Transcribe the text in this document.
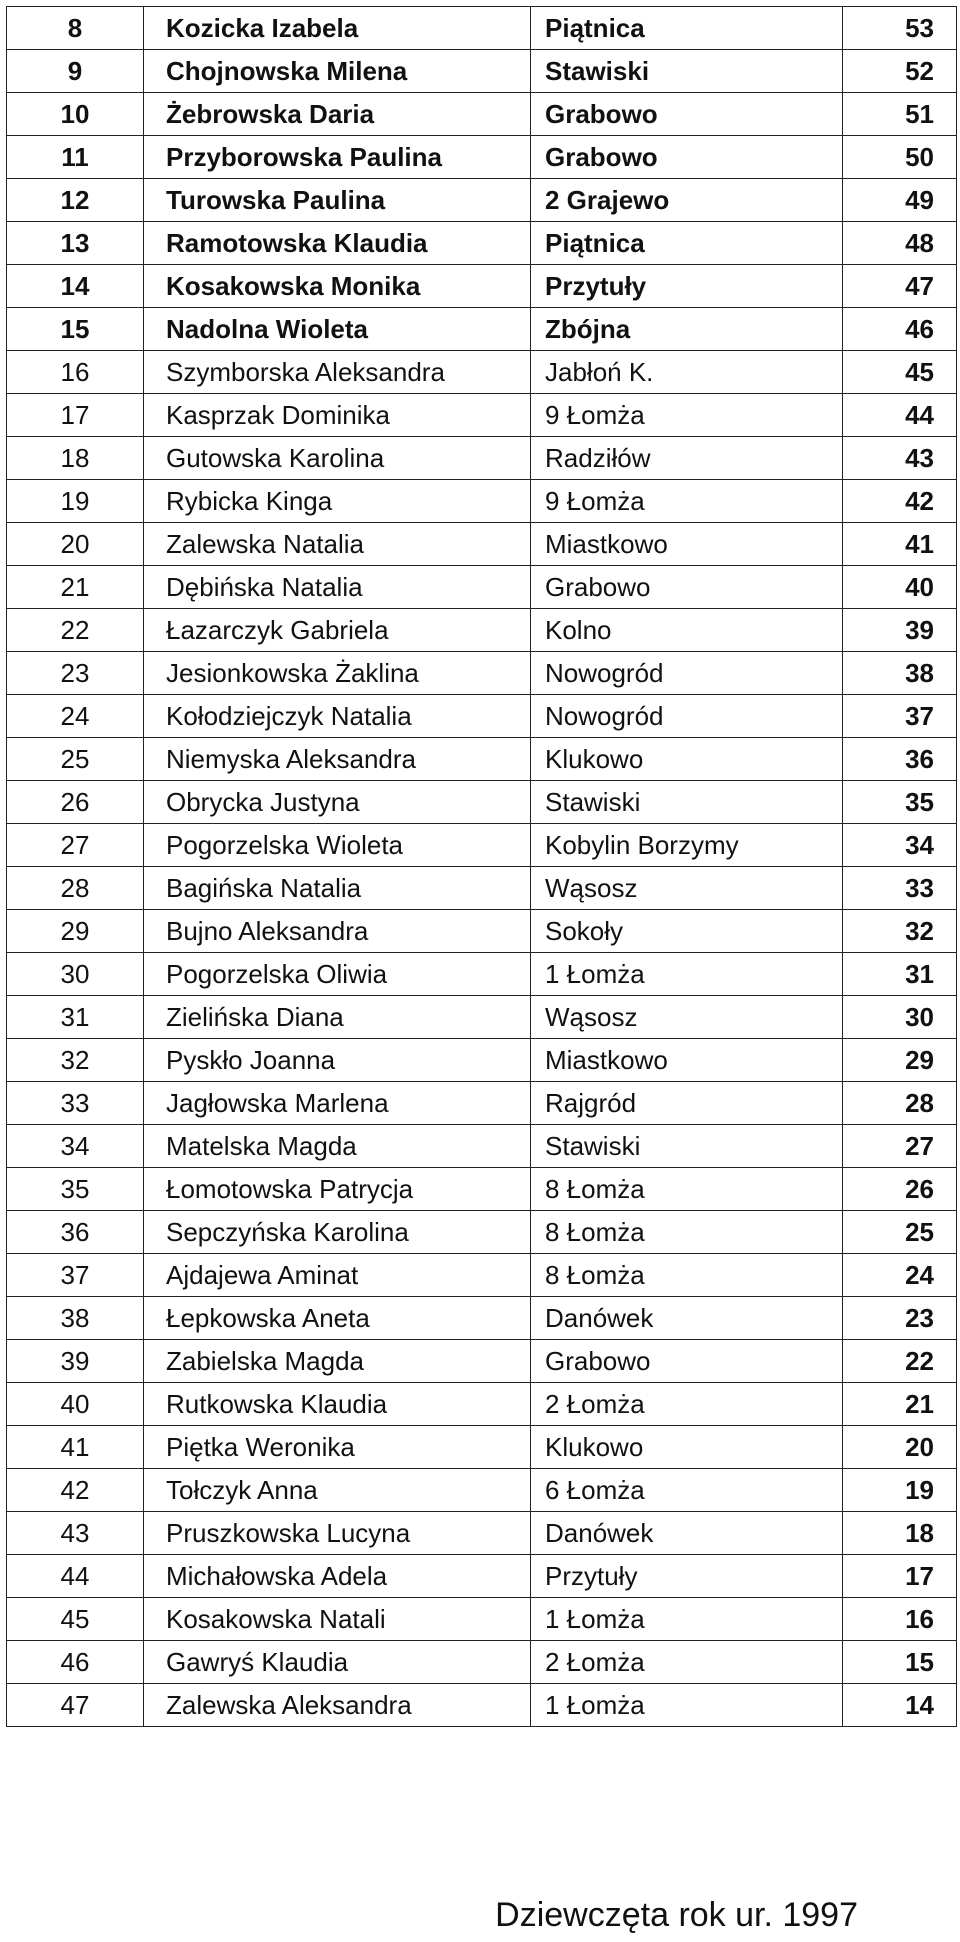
8	Kozicka Izabela	Piątnica	53
9	Chojnowska Milena	Stawiski	52
10	Żebrowska Daria	Grabowo	51
11	Przyborowska Paulina	Grabowo	50
12	Turowska Paulina	2 Grajewo	49
13	Ramotowska Klaudia	Piątnica	48
14	Kosakowska Monika	Przytuły	47
15	Nadolna Wioleta	Zbójna	46
16	Szymborska Aleksandra	Jabłoń K.	45
17	Kasprzak Dominika	9 Łomża	44
18	Gutowska Karolina	Radziłów	43
19	Rybicka Kinga	9 Łomża	42
20	Zalewska Natalia	Miastkowo	41
21	Dębińska Natalia	Grabowo	40
22	Łazarczyk Gabriela	Kolno	39
23	Jesionkowska Żaklina	Nowogród	38
24	Kołodziejczyk Natalia	Nowogród	37
25	Niemyska Aleksandra	Klukowo	36
26	Obrycka Justyna	Stawiski	35
27	Pogorzelska Wioleta	Kobylin Borzymy	34
28	Bagińska Natalia	Wąsosz	33
29	Bujno Aleksandra	Sokoły	32
30	Pogorzelska Oliwia	1 Łomża	31
31	Zielińska Diana	Wąsosz	30
32	Pyskło Joanna	Miastkowo	29
33	Jagłowska Marlena	Rajgród	28
34	Matelska Magda	Stawiski	27
35	Łomotowska Patrycja	8 Łomża	26
36	Sepczyńska Karolina	8 Łomża	25
37	Ajdajewa Aminat	8 Łomża	24
38	Łepkowska Aneta	Danówek	23
39	Zabielska Magda	Grabowo	22
40	Rutkowska Klaudia	2 Łomża	21
41	Piętka Weronika	Klukowo	20
42	Tołczyk Anna	6 Łomża	19
43	Pruszkowska Lucyna	Danówek	18
44	Michałowska Adela	Przytuły	17
45	Kosakowska Natali	1 Łomża	16
46	Gawryś Klaudia	2 Łomża	15
47	Zalewska Aleksandra	1 Łomża	14
Dziewczęta rok ur. 1997
